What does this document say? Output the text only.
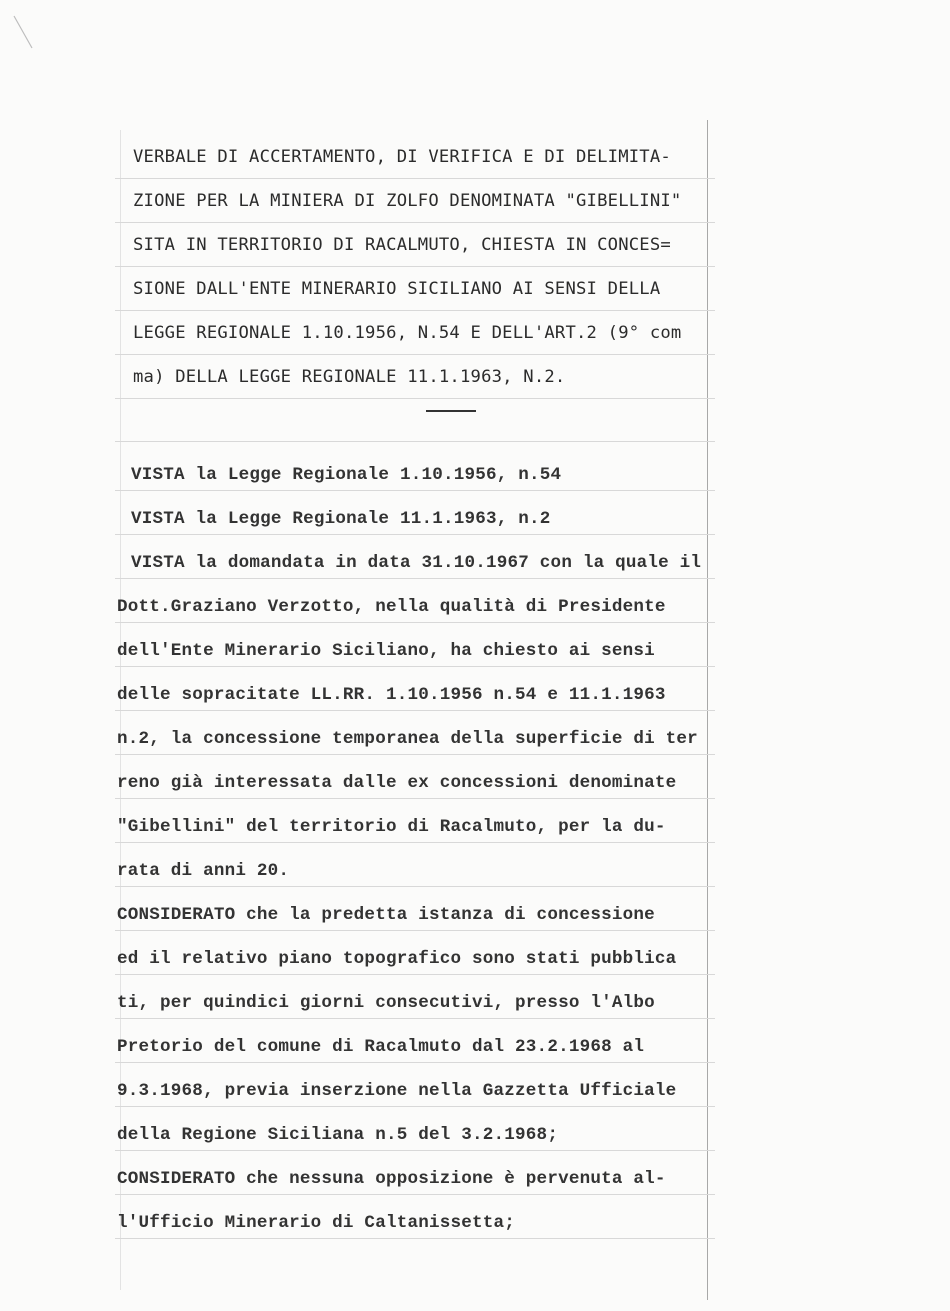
VERBALE DI ACCERTAMENTO, DI VERIFICA E DI DELIMITA-
ZIONE PER LA MINIERA DI ZOLFO DENOMINATA "GIBELLINI"
SITA IN TERRITORIO DI RACALMUTO, CHIESTA IN CONCES=
SIONE DALL'ENTE MINERARIO SICILIANO AI SENSI DELLA
LEGGE REGIONALE 1.10.1956, N.54 E DELL'ART.2 (9° com
ma) DELLA LEGGE REGIONALE 11.1.1963, N.2.
VISTA la Legge Regionale 1.10.1956, n.54
VISTA la Legge Regionale 11.1.1963, n.2
VISTA la domandata in data 31.10.1967 con la quale il
Dott.Graziano Verzotto, nella qualità di Presidente
dell'Ente Minerario Siciliano, ha chiesto ai sensi
delle sopracitate LL.RR. 1.10.1956 n.54 e 11.1.1963
n.2, la concessione temporanea della superficie di ter
reno già interessata dalle ex concessioni denominate
"Gibellini" del territorio di Racalmuto, per la du-
rata di anni 20.
CONSIDERATO che la predetta istanza di concessione
ed il relativo piano topografico sono stati pubblica
ti, per quindici giorni consecutivi, presso l'Albo
Pretorio del comune di Racalmuto dal 23.2.1968 al
9.3.1968, previa inserzione nella Gazzetta Ufficiale
della Regione Siciliana n.5 del 3.2.1968;
CONSIDERATO che nessuna opposizione è pervenuta al-
l'Ufficio Minerario di Caltanissetta;
